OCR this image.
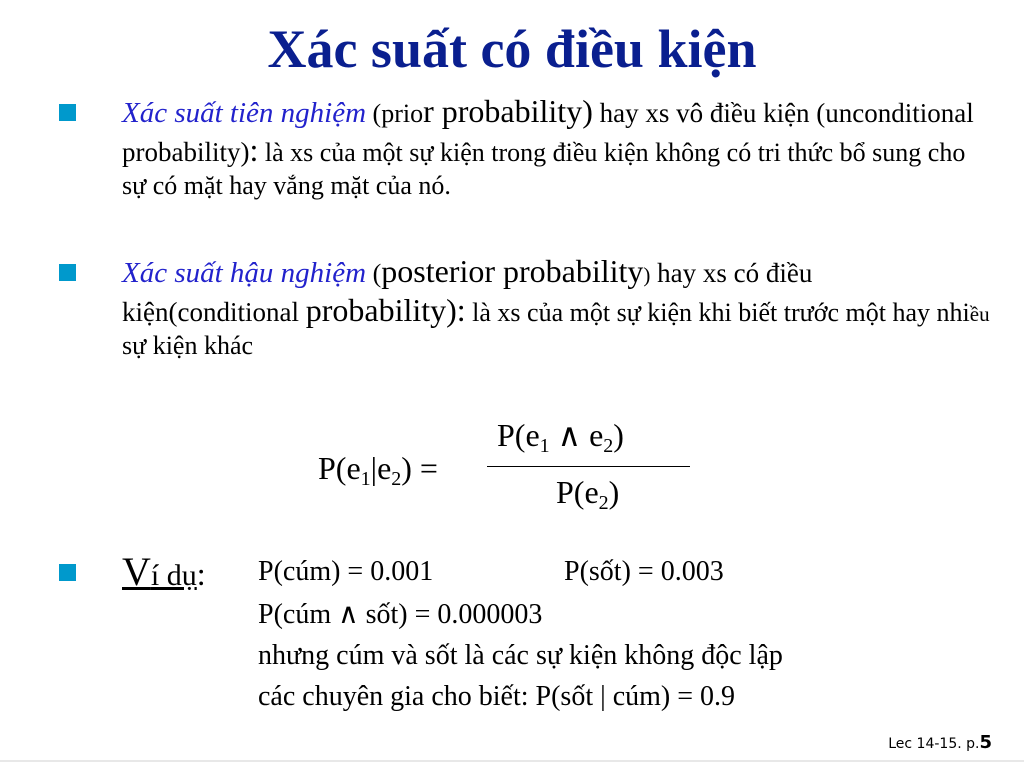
Xác suất có điều kiện
Xác suất tiên nghiệm (prior probability) hay xs vô điều kiện (unconditional probability): là xs của một sự kiện trong điều kiện không có tri thức bổ sung cho sự có mặt hay vắng mặt của nó.
Xác suất hậu nghiệm (posterior probability) hay xs có điều kiện(conditional probability): là xs của một sự kiện khi biết trước một hay nhiều sự kiện khác
$P(e_1|e_2)$ =
$P(e_1$ ∧ $e_2$)
$P(e_2)$
Ví dụ: P(cúm) = 0.001	P(sốt) = 0.003
P(cúm ∧ sốt) = 0.000003
nhưng cúm và sốt là các sự kiện không độc lập
các chuyên gia cho biết: P(sốt | cúm) = 0.9
Lec 14-15. p.5
